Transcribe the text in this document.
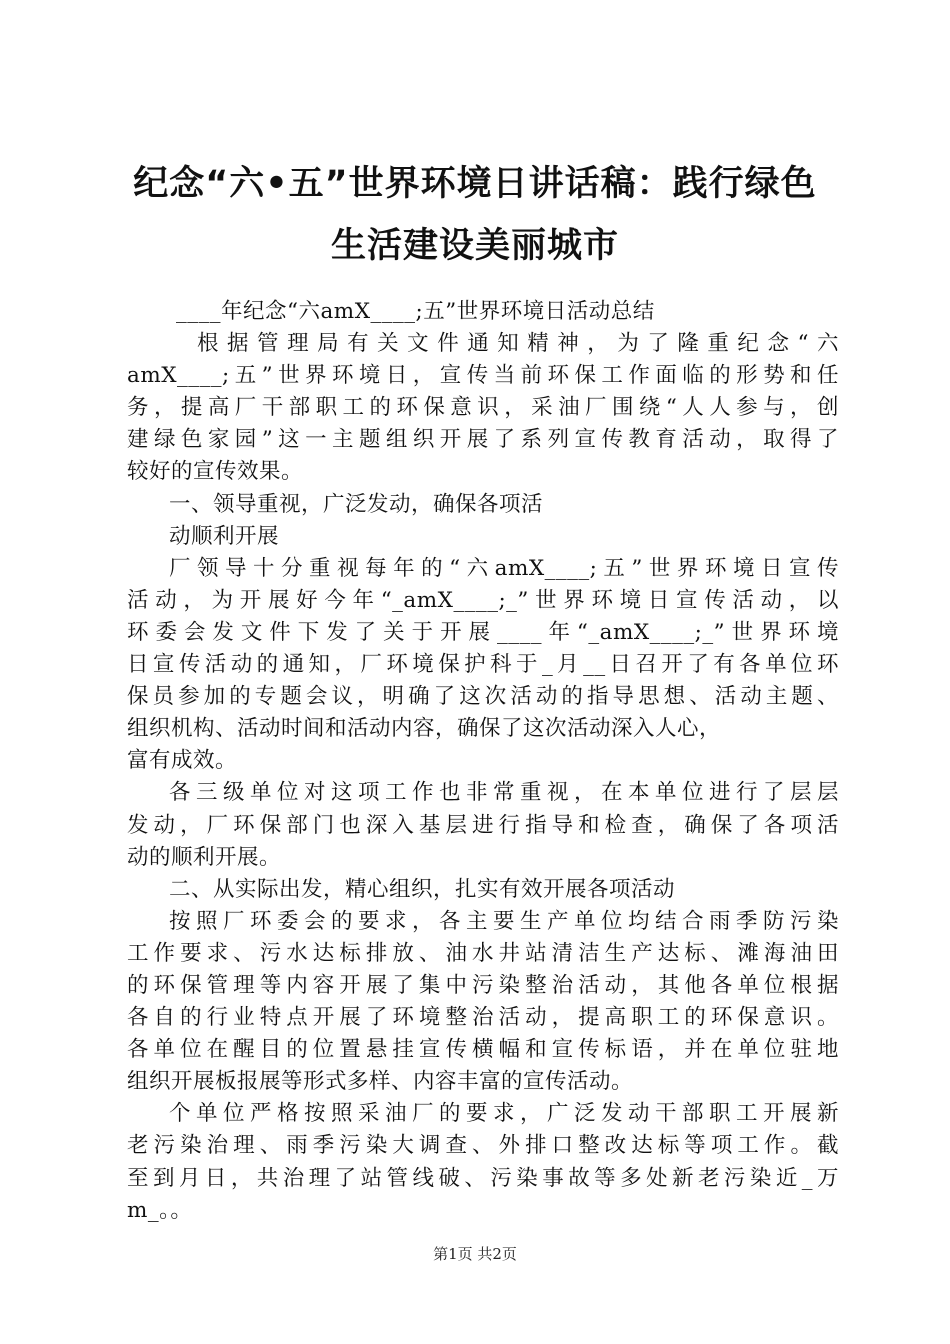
纪念“六•五”世界环境日讲话稿：践行绿色
生活建设美丽城市
____年纪念“六amX____;五”世界环境日活动总结
根据管理局有关文件通知精神，为了隆重纪念“六
amX____;五”世界环境日，宣传当前环保工作面临的形势和任
务，提高厂干部职工的环保意识，采油厂围绕“人人参与，创
建绿色家园”这一主题组织开展了系列宣传教育活动，取得了
较好的宣传效果。
一、领导重视，广泛发动，确保各项活
动顺利开展
厂领导十分重视每年的“六amX____;五”世界环境日宣传
活动，为开展好今年“_amX____;_”世界环境日宣传活动，以
环委会发文件下发了关于开展____年“_amX____;_”世界环境
日宣传活动的通知，厂环境保护科于_月__日召开了有各单位环
保员参加的专题会议，明确了这次活动的指导思想、活动主题、
组织机构、活动时间和活动内容，确保了这次活动深入人心，
富有成效。
各三级单位对这项工作也非常重视，在本单位进行了层层
发动，厂环保部门也深入基层进行指导和检查，确保了各项活
动的顺利开展。
二、从实际出发，精心组织，扎实有效开展各项活动
按照厂环委会的要求，各主要生产单位均结合雨季防污染
工作要求、污水达标排放、油水井站清洁生产达标、滩海油田
的环保管理等内容开展了集中污染整治活动，其他各单位根据
各自的行业特点开展了环境整治活动，提高职工的环保意识。
各单位在醒目的位置悬挂宣传横幅和宣传标语，并在单位驻地
组织开展板报展等形式多样、内容丰富的宣传活动。
个单位严格按照采油厂的要求，广泛发动干部职工开展新
老污染治理、雨季污染大调查、外排口整改达标等项工作。截
至到月日，共治理了站管线破、污染事故等多处新老污染近_万
m_。。
第1页 共2页
